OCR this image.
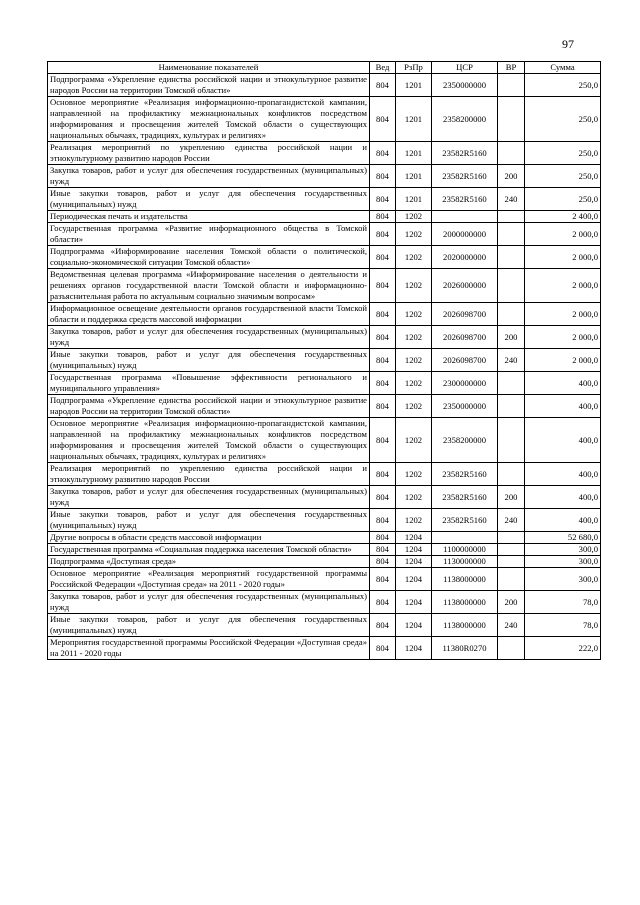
97
Наименование показателей	Вед	РзПр	ЦСР	ВР	Сумма
Подпрограмма «Укрепление единства российской нации и этнокультурное развитие народов России на территории Томской области»	804	1201	2350000000		250,0
Основное мероприятие «Реализация информационно-пропагандистской кампании, направленной на профилактику межнациональных конфликтов посредством информирования и просвещения жителей Томской области о существующих национальных обычаях, традициях, культурах и религиях»	804	1201	2358200000		250,0
Реализация мероприятий по укреплению единства российской нации и этнокультурному развитию народов России	804	1201	23582R5160		250,0
Закупка товаров, работ и услуг для обеспечения государственных (муниципальных) нужд	804	1201	23582R5160	200	250,0
Иные закупки товаров, работ и услуг для обеспечения государственных (муниципальных) нужд	804	1201	23582R5160	240	250,0
Периодическая печать и издательства	804	1202			2 400,0
Государственная программа «Развитие информационного общества в Томской области»	804	1202	2000000000		2 000,0
Подпрограмма «Информирование населения Томской области о политической, социально-экономической ситуации Томской области»	804	1202	2020000000		2 000,0
Ведомственная целевая программа «Информирование населения о деятельности и решениях органов государственной власти Томской области и информационно-разъяснительная работа по актуальным социально значимым вопросам»	804	1202	2026000000		2 000,0
Информационное освещение деятельности органов государственной власти Томской области и поддержка средств массовой информации	804	1202	2026098700		2 000,0
Закупка товаров, работ и услуг для обеспечения государственных (муниципальных) нужд	804	1202	2026098700	200	2 000,0
Иные закупки товаров, работ и услуг для обеспечения государственных (муниципальных) нужд	804	1202	2026098700	240	2 000,0
Государственная программа «Повышение эффективности регионального и муниципального управления»	804	1202	2300000000		400,0
Подпрограмма «Укрепление единства российской нации и этнокультурное развитие народов России на территории Томской области»	804	1202	2350000000		400,0
Основное мероприятие «Реализация информационно-пропагандистской кампании, направленной на профилактику межнациональных конфликтов посредством информирования и просвещения жителей Томской области о существующих национальных обычаях, традициях, культурах и религиях»	804	1202	2358200000		400,0
Реализация мероприятий по укреплению единства российской нации и этнокультурному развитию народов России	804	1202	23582R5160		400,0
Закупка товаров, работ и услуг для обеспечения государственных (муниципальных) нужд	804	1202	23582R5160	200	400,0
Иные закупки товаров, работ и услуг для обеспечения государственных (муниципальных) нужд	804	1202	23582R5160	240	400,0
Другие вопросы в области средств массовой информации	804	1204			52 680,0
Государственная программа «Социальная поддержка населения Томской области»	804	1204	1100000000		300,0
Подпрограмма «Доступная среда»	804	1204	1130000000		300,0
Основное мероприятие «Реализация мероприятий государственной программы Российской Федерации «Доступная среда» на 2011 - 2020 годы»	804	1204	1138000000		300,0
Закупка товаров, работ и услуг для обеспечения государственных (муниципальных) нужд	804	1204	1138000000	200	78,0
Иные закупки товаров, работ и услуг для обеспечения государственных (муниципальных) нужд	804	1204	1138000000	240	78,0
Мероприятия государственной программы Российской Федерации «Доступная среда» на 2011 - 2020 годы	804	1204	11380R0270		222,0
